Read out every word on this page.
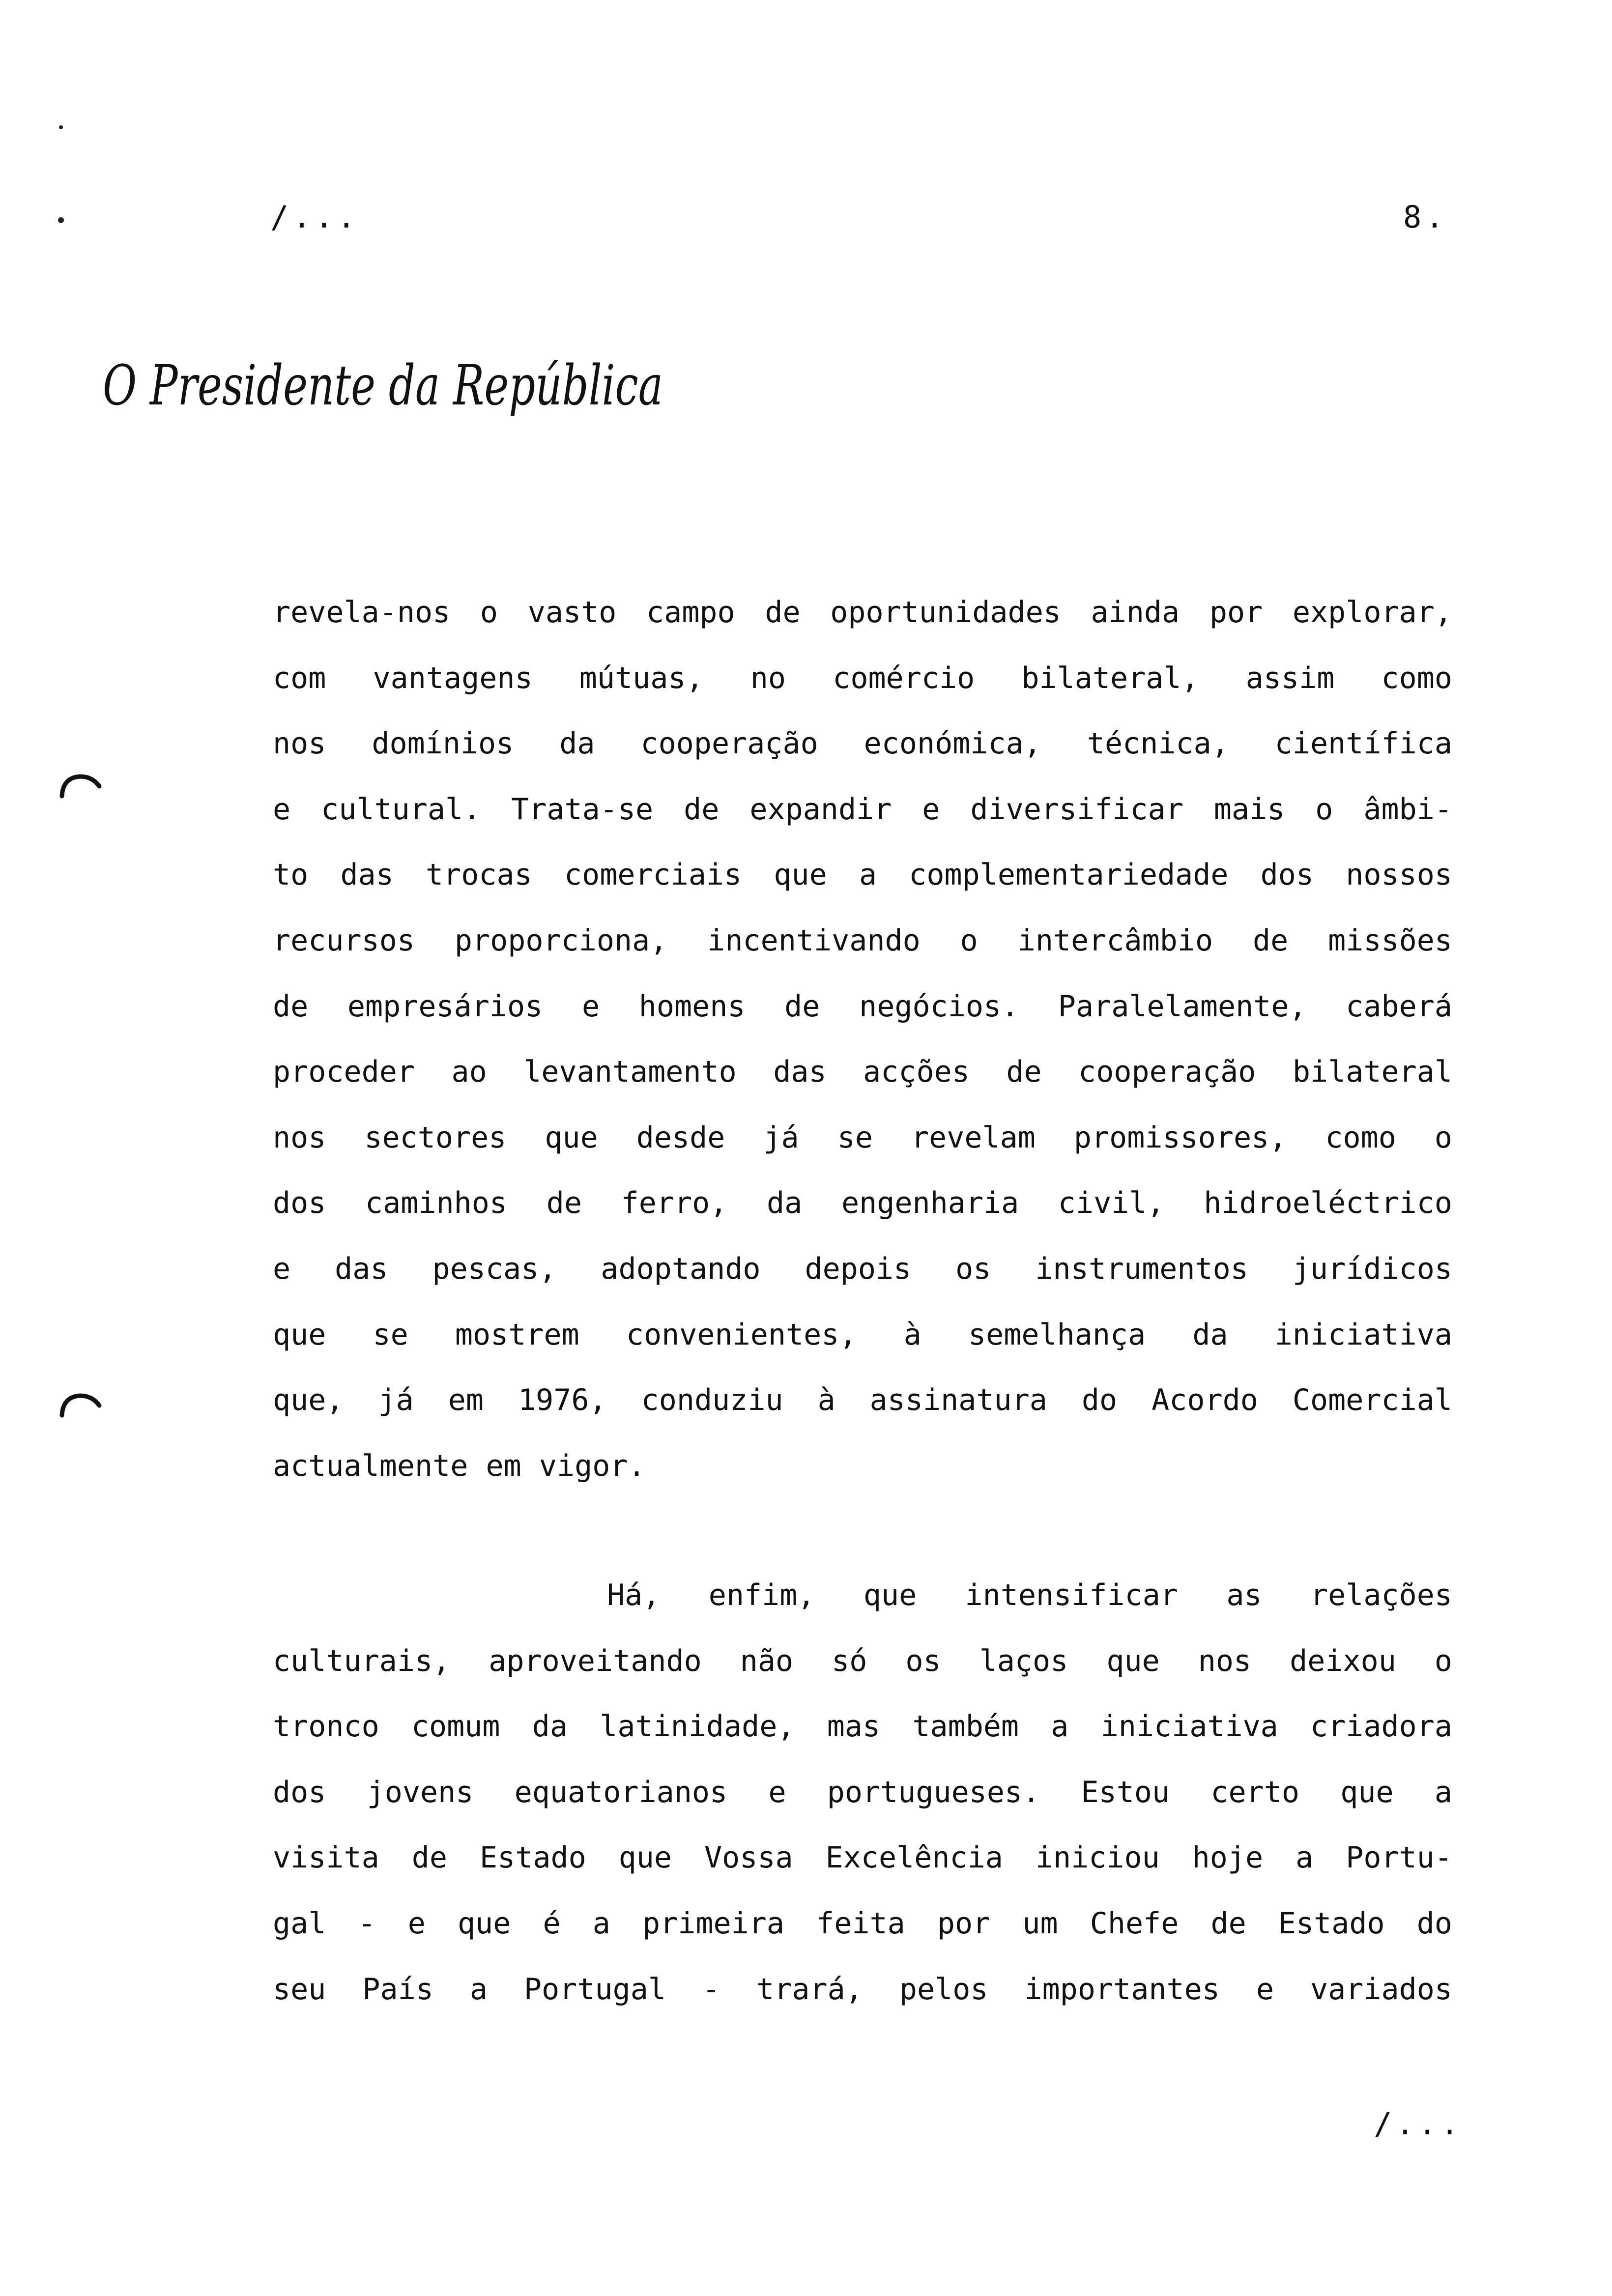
/...	8.
O Presidente da República
revela-nos o vasto campo de oportunidades ainda por explorar,
com vantagens mútuas, no comércio bilateral, assim como
nos domínios da cooperação económica, técnica, científica
e cultural. Trata-se de expandir e diversificar mais o âmbi-
to das trocas comerciais que a complementariedade dos nossos
recursos proporciona, incentivando o intercâmbio de missões
de empresários e homens de negócios. Paralelamente, caberá
proceder ao levantamento das acções de cooperação bilateral
nos sectores que desde já se revelam promissores, como o
dos caminhos de ferro, da engenharia civil, hidroeléctrico
e das pescas, adoptando depois os instrumentos jurídicos
que se mostrem convenientes, à semelhança da iniciativa
que, já em 1976, conduziu à assinatura do Acordo Comercial
actualmente em vigor.
Há, enfim, que intensificar as relações
culturais, aproveitando não só os laços que nos deixou o
tronco comum da latinidade, mas também a iniciativa criadora
dos jovens equatorianos e portugueses. Estou certo que a
visita de Estado que Vossa Excelência iniciou hoje a Portu-
gal - e que é a primeira feita por um Chefe de Estado do
seu País a Portugal - trará, pelos importantes e variados
/...
